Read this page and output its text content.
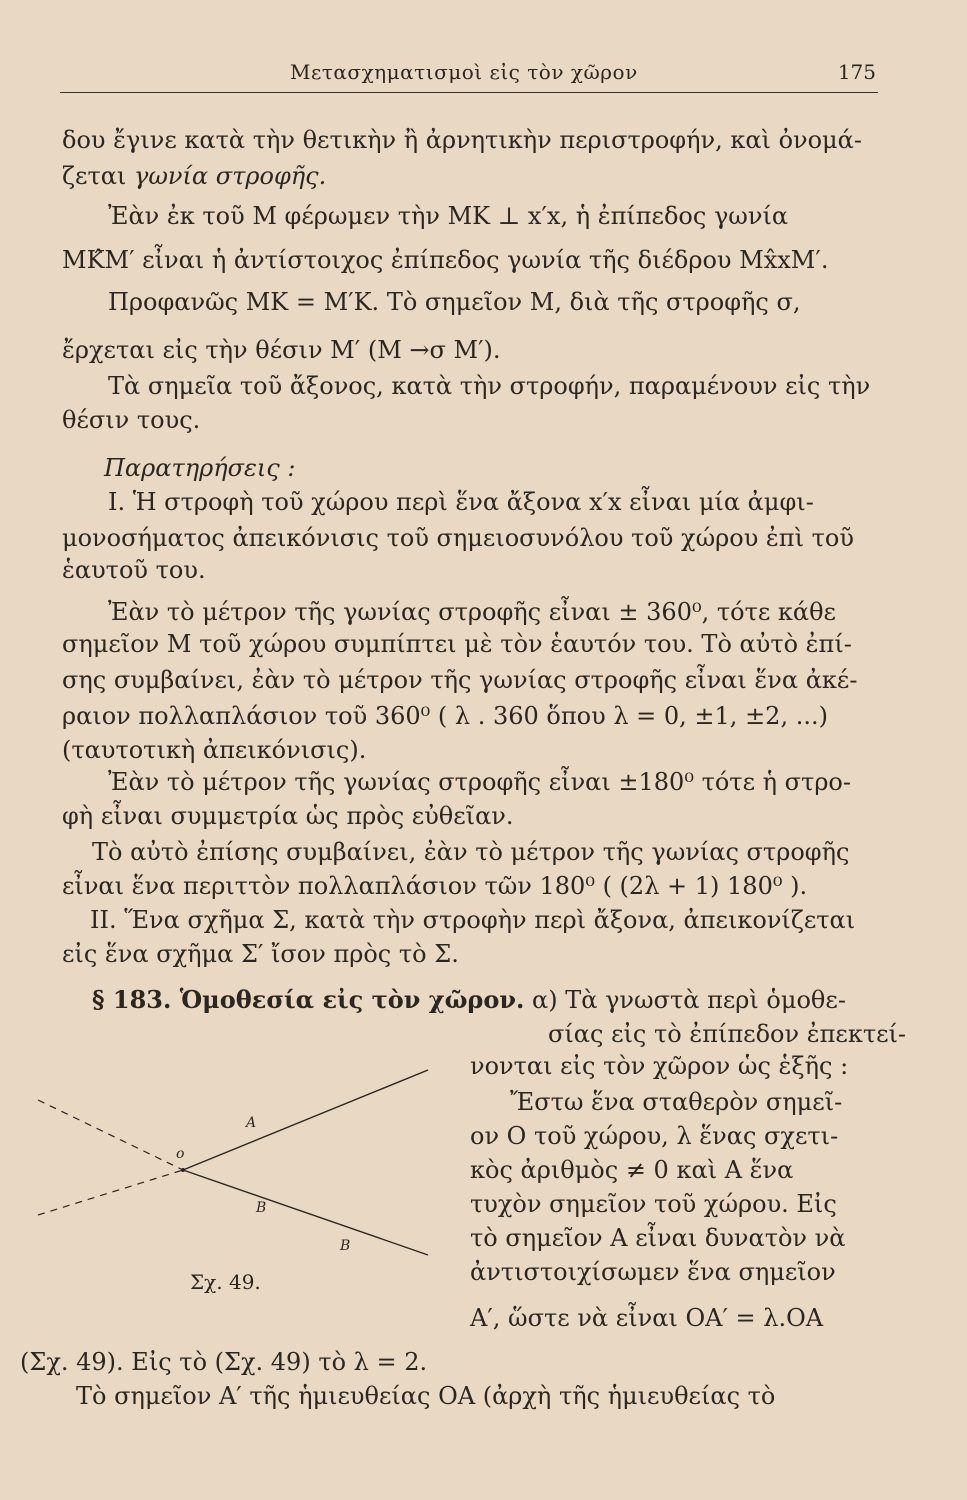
Μετασχηματισμοὶ εἰς τὸν χῶρον	175
δου ἔγινε κατὰ τὴν θετικὴν ἢ ἀρνητικὴν περιστροφήν, καὶ ὀνομά-
ζεται γωνία στροφῆς.
Ἐὰν ἐκ τοῦ Μ φέρωμεν τὴν ΜΚ ⊥ x′x, ἡ ἐπίπεδος γωνία
ΜΚ̂Μ′ εἶναι ἡ ἀντίστοιχος ἐπίπεδος γωνία τῆς διέδρου Μx̂xΜ′.
Προφανῶς ΜΚ = Μ′Κ. Τὸ σημεῖον Μ, διὰ τῆς στροφῆς σ,
ἔρχεται εἰς τὴν θέσιν Μ′ (Μ →σ Μ′).
Τὰ σημεῖα τοῦ ἄξονος, κατὰ τὴν στροφήν, παραμένουν εἰς τὴν
θέσιν τους.
Παρατηρήσεις :
Ι. Ἡ στροφὴ τοῦ χώρου περὶ ἕνα ἄξονα x′x εἶναι μία ἀμφι-
μονοσήματος ἀπεικόνισις τοῦ σημειοσυνόλου τοῦ χώρου ἐπὶ τοῦ
ἑαυτοῦ του.
Ἐὰν τὸ μέτρον τῆς γωνίας στροφῆς εἶναι ± 360⁰, τότε κάθε
σημεῖον Μ τοῦ χώρου συμπίπτει μὲ τὸν ἑαυτόν του. Τὸ αὐτὸ ἐπί-
σης συμβαίνει, ἐὰν τὸ μέτρον τῆς γωνίας στροφῆς εἶναι ἕνα ἀκέ-
ραιον πολλαπλάσιον τοῦ 360⁰ ( λ . 360 ὅπου λ = 0, ±1, ±2, ...)
(ταυτοτικὴ ἀπεικόνισις).
Ἐὰν τὸ μέτρον τῆς γωνίας στροφῆς εἶναι ±180⁰ τότε ἡ στρο-
φὴ εἶναι συμμετρία ὡς πρὸς εὐθεῖαν.
Τὸ αὐτὸ ἐπίσης συμβαίνει, ἐὰν τὸ μέτρον τῆς γωνίας στροφῆς
εἶναι ἕνα περιττὸν πολλαπλάσιον τῶν 180⁰ ( (2λ + 1) 180⁰ ).
ΙΙ. Ἕνα σχῆμα Σ, κατὰ τὴν στροφὴν περὶ ἄξονα, ἀπεικονίζεται
εἰς ἕνα σχῆμα Σ′ ἴσον πρὸς τὸ Σ.
§ 183. Ὁμοθεσία εἰς τὸν χῶρον. α) Τὰ γνωστὰ περὶ ὁμοθε-
σίας εἰς τὸ ἐπίπεδον ἐπεκτεί-
νονται εἰς τὸν χῶρον ὡς ἑξῆς :
Ἔστω ἕνα σταθερὸν σημεῖ-
ον Ο τοῦ χώρου, λ ἕνας σχετι-
κὸς ἀριθμὸς ≠ 0 καὶ Α ἕνα
τυχὸν σημεῖον τοῦ χώρου. Εἰς
τὸ σημεῖον Α εἶναι δυνατὸν νὰ
ἀντιστοιχίσωμεν ἕνα σημεῖον
Α′, ὥστε νὰ εἶναι ΟΑ′ = λ.ΟΑ
(Σχ. 49). Εἰς τὸ (Σχ. 49) τὸ λ = 2.
Τὸ σημεῖον Α′ τῆς ἡμιευθείας ΟΑ (ἀρχὴ τῆς ἡμιευθείας τὸ
o
A
B
B
Σχ. 49.
